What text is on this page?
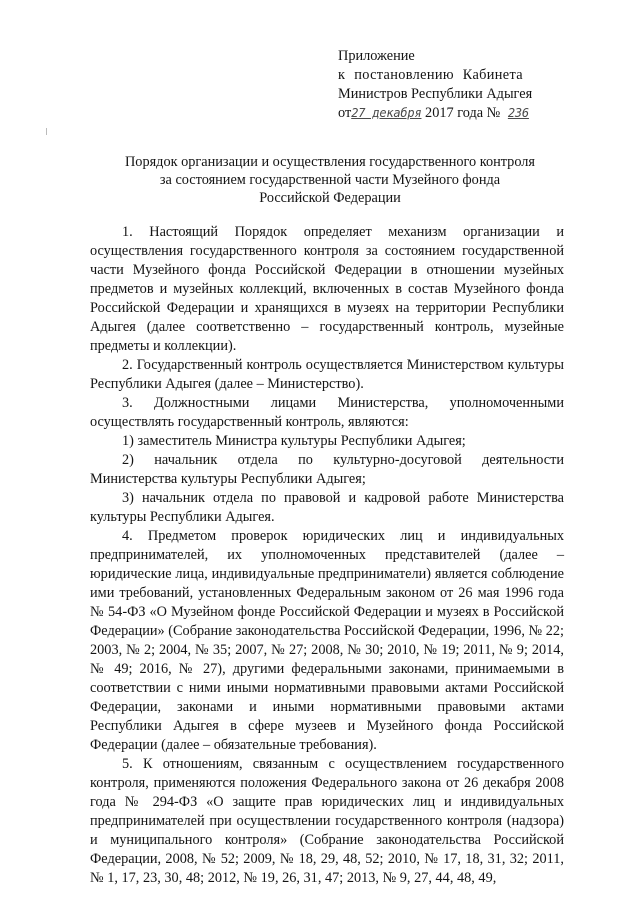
Приложение
к постановлению Кабинета
Министров Республики Адыгея
от27 декабря 2017 года № 236
Порядок организации и осуществления государственного контроля
за состоянием государственной части Музейного фонда
Российской Федерации

1. Настоящий Порядок определяет механизм организации и осуществления государственного контроля за состоянием государственной части Музейного фонда Российской Федерации в отношении музейных предметов и музейных коллекций, включенных в состав Музейного фонда Российской Федерации и хранящихся в музеях на территории Республики Адыгея (далее соответственно – государственный контроль, музейные предметы и коллекции).

2. Государственный контроль осуществляется Министерством культуры Республики Адыгея (далее – Министерство).

3. Должностными лицами Министерства, уполномоченными осуществлять государственный контроль, являются:

1) заместитель Министра культуры Республики Адыгея;

2) начальник отдела по культурно-досуговой деятельности Министерства культуры Республики Адыгея;

3) начальник отдела по правовой и кадровой работе Министерства культуры Республики Адыгея.

4. Предметом проверок юридических лиц и индивидуальных предпринимателей, их уполномоченных представителей (далее – юридические лица, индивидуальные предприниматели) является соблюдение ими требований, установленных Федеральным законом от 26 мая 1996 года № 54-ФЗ «О Музейном фонде Российской Федерации и музеях в Российской Федерации» (Собрание законодательства Российской Федерации, 1996, № 22; 2003, № 2; 2004, № 35; 2007, № 27; 2008, № 30; 2010, № 19; 2011, № 9; 2014, № 49; 2016, № 27), другими федеральными законами, принимаемыми в соответствии с ними иными нормативными правовыми актами Российской Федерации, законами и иными нормативными правовыми актами Республики Адыгея в сфере музеев и Музейного фонда Российской Федерации (далее – обязательные требования).

5. К отношениям, связанным с осуществлением государственного контроля, применяются положения Федерального закона от 26 декабря 2008 года № 294-ФЗ «О защите прав юридических лиц и индивидуальных предпринимателей при осуществлении государственного контроля (надзора) и муниципального контроля» (Собрание законодательства Российской Федерации, 2008, № 52; 2009, № 18, 29, 48, 52; 2010, № 17, 18, 31, 32; 2011, № 1, 17, 23, 30, 48; 2012, № 19, 26, 31, 47; 2013, № 9, 27, 44, 48, 49,
